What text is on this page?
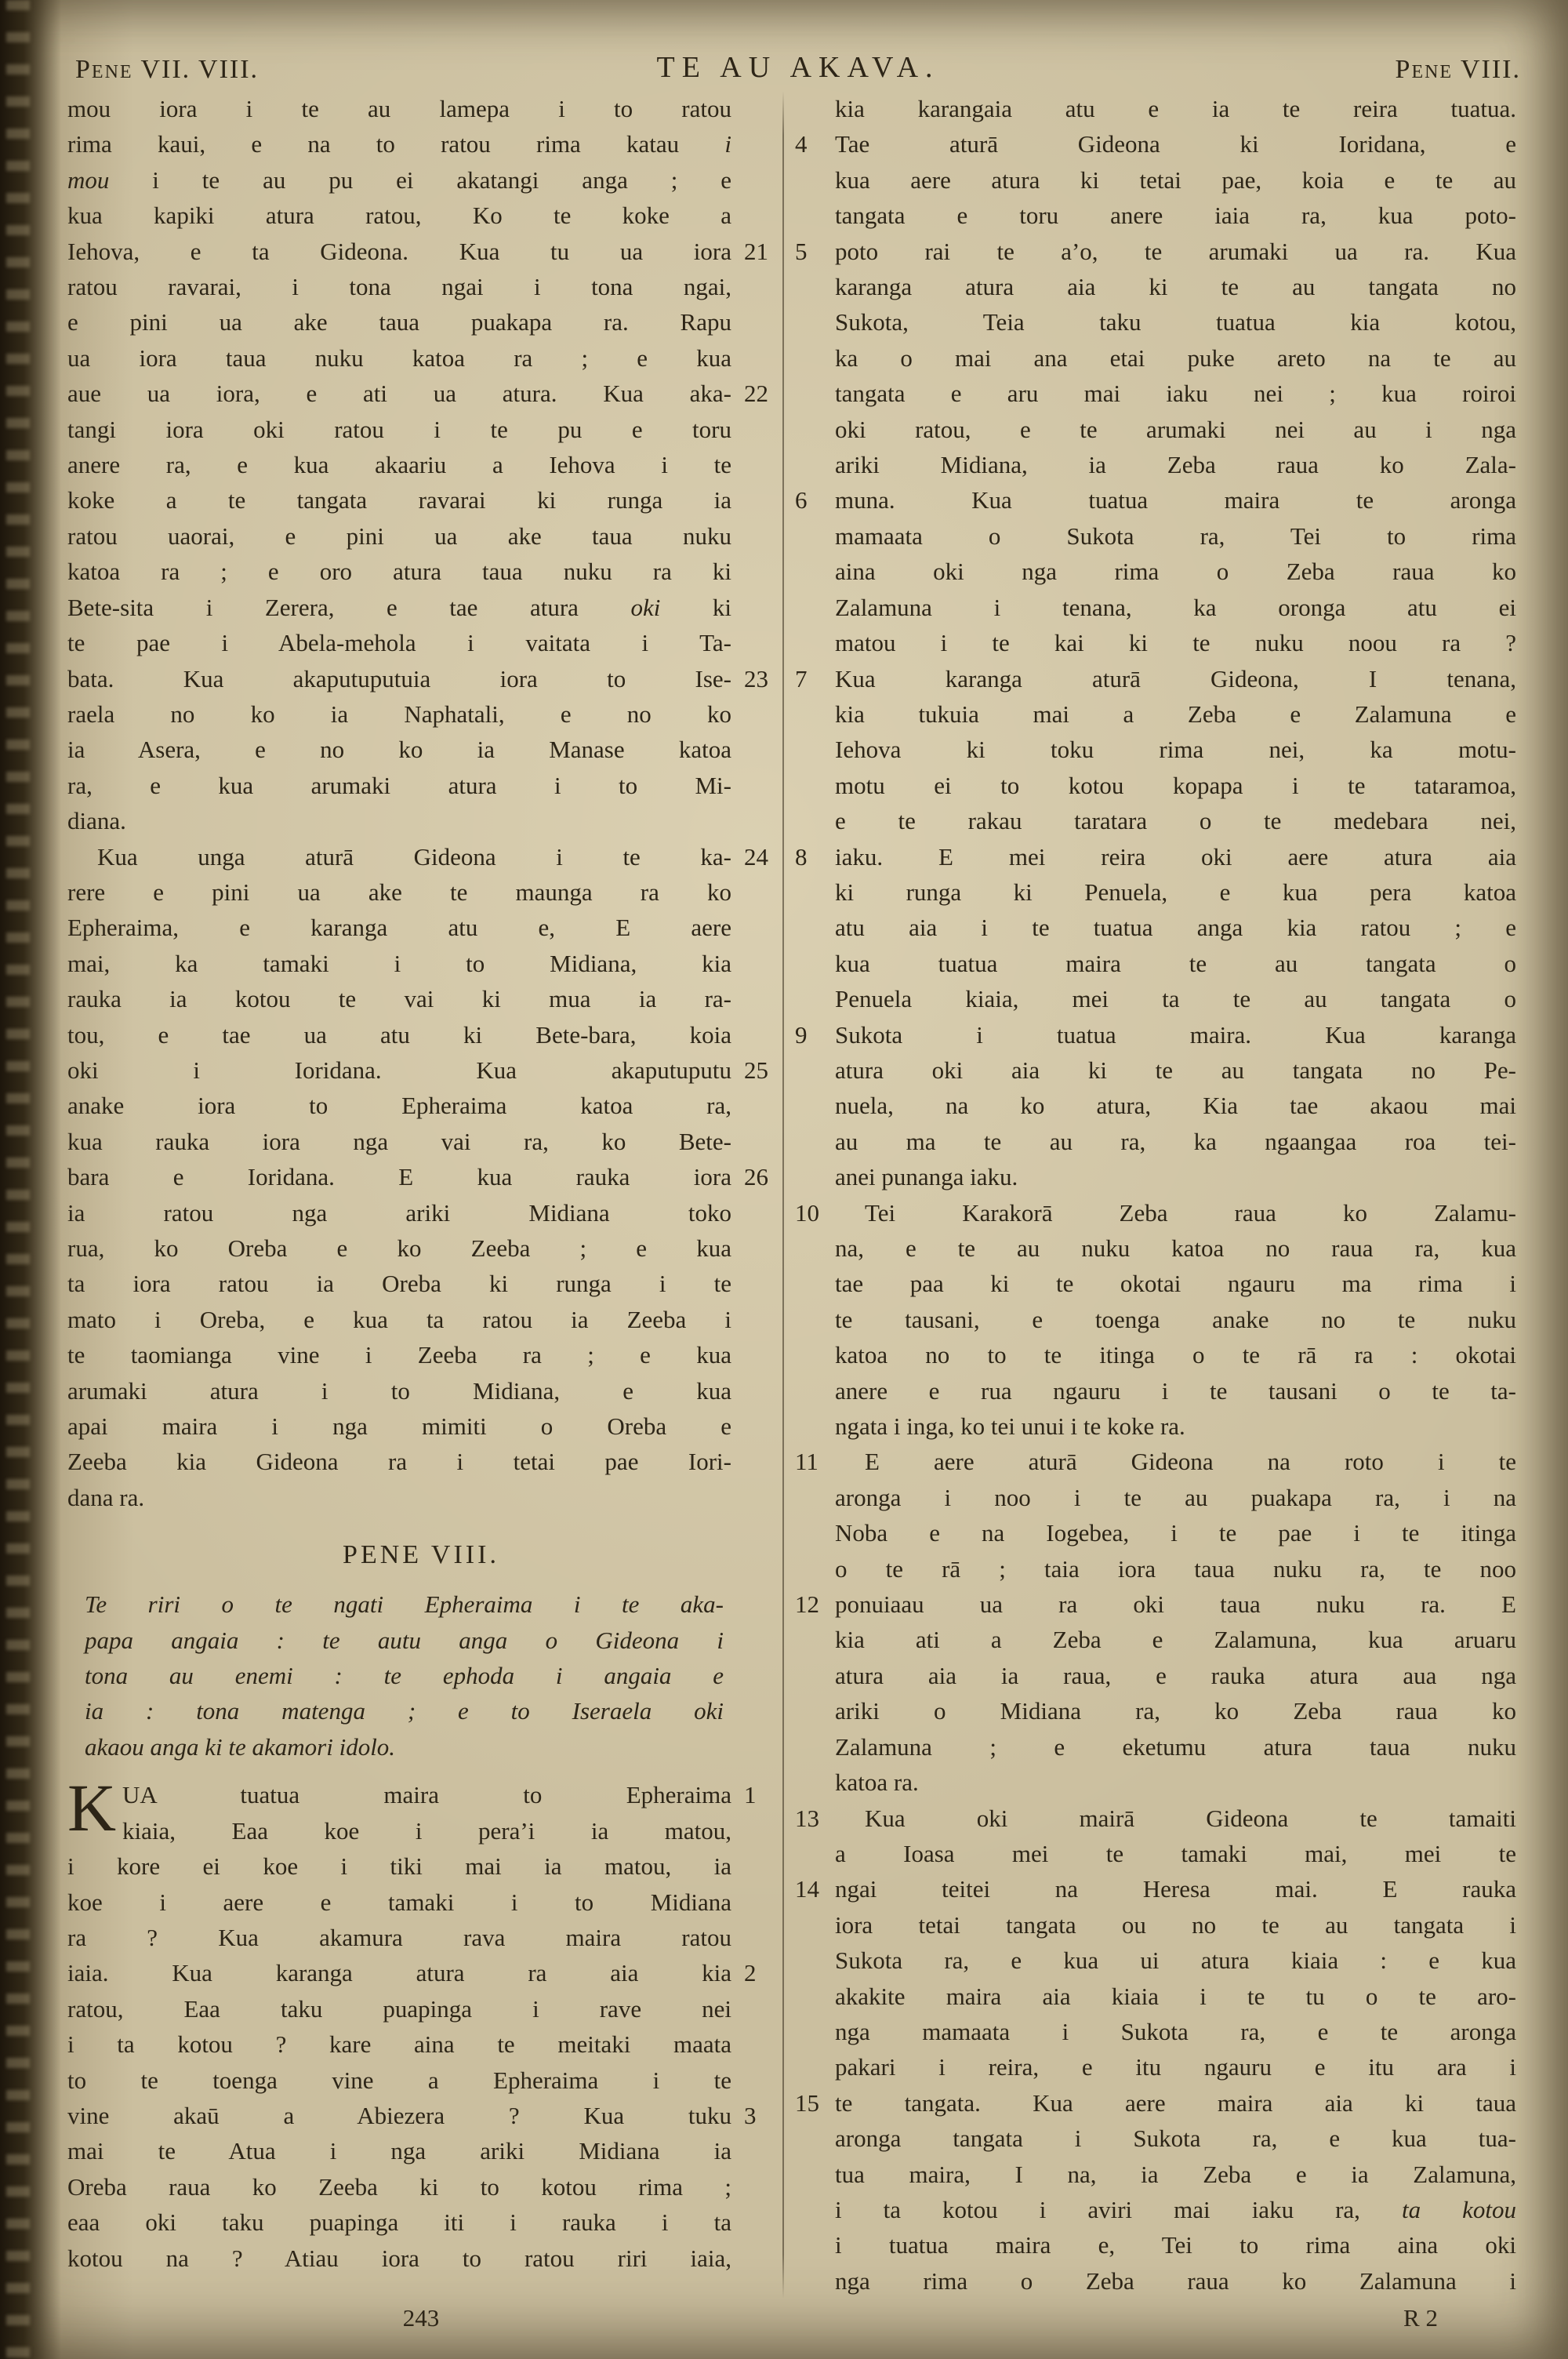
Pene VII. VIII.	TE AU AKAVA.	Pene VIII.
mou iora i te au lamepa i to ratou
rima kaui, e na to ratou rima katau i
mou i te au pu ei akatangi anga ; e
kua kapiki atura ratou, Ko te koke a
Iehova, e ta Gideona. Kua tu ua iora 21
ratou ravarai, i tona ngai i tona ngai,
e pini ua ake taua puakapa ra. Rapu
ua iora taua nuku katoa ra ; e kua
aue ua iora, e ati ua atura. Kua aka- 22
tangi iora oki ratou i te pu e toru
anere ra, e kua akaariu a Iehova i te
koke a te tangata ravarai ki runga ia
ratou uaorai, e pini ua ake taua nuku
katoa ra ; e oro atura taua nuku ra ki
Bete-sita i Zerera, e tae atura oki ki
te pae i Abela-mehola i vaitata i Ta-
bata. Kua akaputuputuia iora to Ise- 23
raela no ko ia Naphatali, e no ko
ia Asera, e no ko ia Manase katoa
ra, e kua arumaki atura i to Mi-
diana.
Kua unga aturā Gideona i te ka- 24
rere e pini ua ake te maunga ra ko
Epheraima, e karanga atu e, E aere
mai, ka tamaki i to Midiana, kia
rauka ia kotou te vai ki mua ia ra-
tou, e tae ua atu ki Bete-bara, koia
oki i Ioridana. Kua akaputuputu 25
anake iora to Epheraima katoa ra,
kua rauka iora nga vai ra, ko Bete-
bara e Ioridana. E kua rauka iora 26
ia ratou nga ariki Midiana toko
rua, ko Oreba e ko Zeeba ; e kua
ta iora ratou ia Oreba ki runga i te
mato i Oreba, e kua ta ratou ia Zeeba i
te taomianga vine i Zeeba ra ; e kua
arumaki atura i to Midiana, e kua
apai maira i nga mimiti o Oreba e
Zeeba kia Gideona ra i tetai pae Iori-
dana ra.
PENE VIII.
Te riri o te ngati Epheraima i te aka-
papa angaia : te autu anga o Gideona i
tona au enemi : te ephoda i angaia e
ia : tona matenga ; e to Iseraela oki
akaou anga ki te akamori idolo.
K UA tuatua maira to Epheraima 1
kiaia, Eaa koe i pera’i ia matou,
i kore ei koe i tiki mai ia matou, ia
koe i aere e tamaki i to Midiana
ra ? Kua akamura rava maira ratou
iaia. Kua karanga atura ra aia kia 2
ratou, Eaa taku puapinga i rave nei
i ta kotou ? kare aina te meitaki maata
to te toenga vine a Epheraima i te
vine akaū a Abiezera ? Kua tuku 3
mai te Atua i nga ariki Midiana ia
Oreba raua ko Zeeba ki to kotou rima ;
eaa oki taku puapinga iti i rauka i ta
kotou na ? Atiau iora to ratou riri iaia,
kia karangaia atu e ia te reira tuatua.
4	Tae aturā Gideona ki Ioridana, e
kua aere atura ki tetai pae, koia e te au
tangata e toru anere iaia ra, kua poto-
5	poto rai te a’o, te arumaki ua ra. Kua
karanga atura aia ki te au tangata no
Sukota, Teia taku tuatua kia kotou,
ka o mai ana etai puke areto na te au
tangata e aru mai iaku nei ; kua roiroi
oki ratou, e te arumaki nei au i nga
ariki Midiana, ia Zeba raua ko Zala-
6	muna. Kua tuatua maira te aronga
mamaata o Sukota ra, Tei to rima
aina oki nga rima o Zeba raua ko
Zalamuna i tenana, ka oronga atu ei
matou i te kai ki te nuku noou ra ?
7	Kua karanga aturā Gideona, I tenana,
kia tukuia mai a Zeba e Zalamuna e
Iehova ki toku rima nei, ka motu-
motu ei to kotou kopapa i te tataramoa,
e te rakau taratara o te medebara nei,
8	iaku. E mei reira oki aere atura aia
ki runga ki Penuela, e kua pera katoa
atu aia i te tuatua anga kia ratou ; e
kua tuatua maira te au tangata o
Penuela kiaia, mei ta te au tangata o
9	Sukota i tuatua maira. Kua karanga
atura oki aia ki te au tangata no Pe-
nuela, na ko atura, Kia tae akaou mai
au ma te au ra, ka ngaangaa roa tei-
anei punanga iaku.
10	Tei Karakorā Zeba raua ko Zalamu-
na, e te au nuku katoa no raua ra, kua
tae paa ki te okotai ngauru ma rima i
te tausani, e toenga anake no te nuku
katoa no to te itinga o te rā ra : okotai
anere e rua ngauru i te tausani o te ta-
ngata i inga, ko tei unui i te koke ra.
11	E aere aturā Gideona na roto i te
aronga i noo i te au puakapa ra, i na
Noba e na Iogebea, i te pae i te itinga
o te rā ; taia iora taua nuku ra, te noo
12 ponuiaau ua ra oki taua nuku ra. E
kia ati a Zeba e Zalamuna, kua aruaru
atura aia ia raua, e rauka atura aua nga
ariki o Midiana ra, ko Zeba raua ko
Zalamuna ; e eketumu atura taua nuku
katoa ra.
13	Kua oki mairā Gideona te tamaiti
a Ioasa mei te tamaki mai, mei te
14 ngai teitei na Heresa mai. E rauka
iora tetai tangata ou no te au tangata i
Sukota ra, e kua ui atura kiaia : e kua
akakite maira aia kiaia i te tu o te aro-
nga mamaata i Sukota ra, e te aronga
pakari i reira, e itu ngauru e itu ara i
15 te tangata. Kua aere maira aia ki taua
aronga tangata i Sukota ra, e kua tua-
tua maira, I na, ia Zeba e ia Zalamuna,
i ta kotou i aviri mai iaku ra, ta kotou
i tuatua maira e, Tei to rima aina oki
nga rima o Zeba raua ko Zalamuna i
243	R 2
